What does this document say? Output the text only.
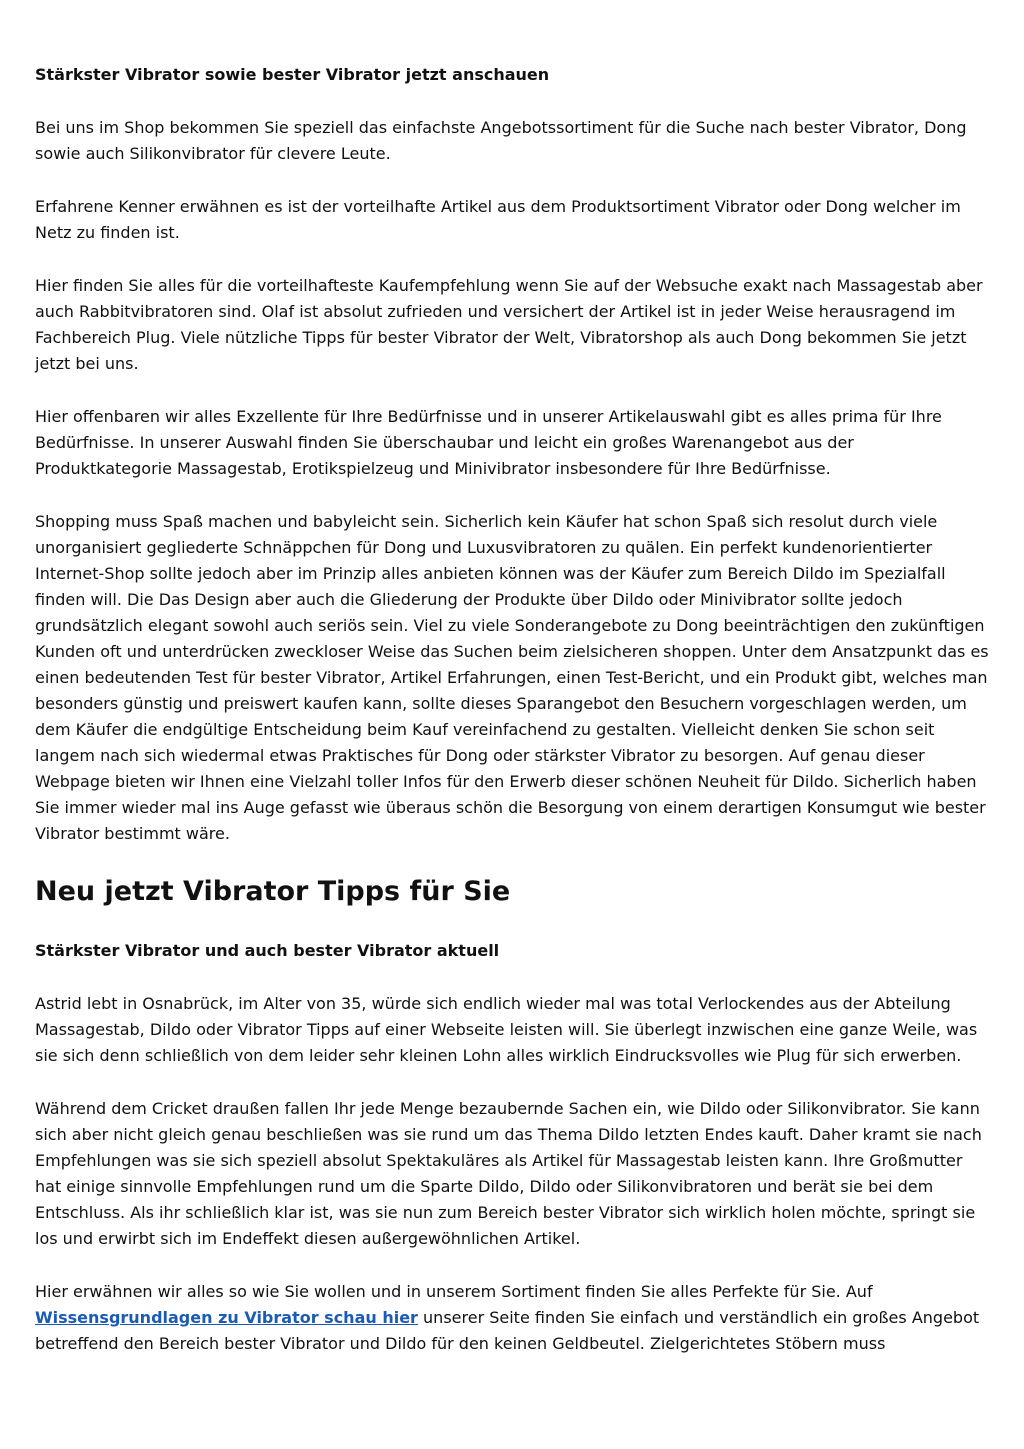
Stärkster Vibrator sowie bester Vibrator jetzt anschauen

Bei uns im Shop bekommen Sie speziell das einfachste Angebotssortiment für die Suche nach bester Vibrator, Dong sowie auch Silikonvibrator für clevere Leute.

Erfahrene Kenner erwähnen es ist der vorteilhafte Artikel aus dem Produktsortiment Vibrator oder Dong welcher im Netz zu finden ist.

Hier finden Sie alles für die vorteilhafteste Kaufempfehlung wenn Sie auf der Websuche exakt nach Massagestab aber auch Rabbitvibratoren sind. Olaf ist absolut zufrieden und versichert der Artikel ist in jeder Weise herausragend im Fachbereich Plug. Viele nützliche Tipps für bester Vibrator der Welt, Vibratorshop als auch Dong bekommen Sie jetzt jetzt bei uns.

Hier offenbaren wir alles Exzellente für Ihre Bedürfnisse und in unserer Artikelauswahl gibt es alles prima für Ihre Bedürfnisse. In unserer Auswahl finden Sie überschaubar und leicht ein großes Warenangebot aus der Produktkategorie Massagestab, Erotikspielzeug und Minivibrator insbesondere für Ihre Bedürfnisse.

Shopping muss Spaß machen und babyleicht sein. Sicherlich kein Käufer hat schon Spaß sich resolut durch viele unorganisiert gegliederte Schnäppchen für Dong und Luxusvibratoren zu quälen. Ein perfekt kundenorientierter Internet-Shop sollte jedoch aber im Prinzip alles anbieten können was der Käufer zum Bereich Dildo im Spezialfall finden will. Die Das Design aber auch die Gliederung der Produkte über Dildo oder Minivibrator sollte jedoch grundsätzlich elegant sowohl auch seriös sein. Viel zu viele Sonderangebote zu Dong beeinträchtigen den zukünftigen Kunden oft und unterdrücken zweckloser Weise das Suchen beim zielsicheren shoppen. Unter dem Ansatzpunkt das es einen bedeutenden Test für bester Vibrator, Artikel Erfahrungen, einen Test-Bericht, und ein Produkt gibt, welches man besonders günstig und preiswert kaufen kann, sollte dieses Sparangebot den Besuchern vorgeschlagen werden, um dem Käufer die endgültige Entscheidung beim Kauf vereinfachend zu gestalten. Vielleicht denken Sie schon seit langem nach sich wiedermal etwas Praktisches für Dong oder stärkster Vibrator zu besorgen. Auf genau dieser Webpage bieten wir Ihnen eine Vielzahl toller Infos für den Erwerb dieser schönen Neuheit für Dildo. Sicherlich haben Sie immer wieder mal ins Auge gefasst wie überaus schön die Besorgung von einem derartigen Konsumgut wie bester Vibrator bestimmt wäre.

Neu jetzt Vibrator Tipps für Sie
Stärkster Vibrator und auch bester Vibrator aktuell

Astrid lebt in Osnabrück, im Alter von 35, würde sich endlich wieder mal was total Verlockendes aus der Abteilung Massagestab, Dildo oder Vibrator Tipps auf einer Webseite leisten will. Sie überlegt inzwischen eine ganze Weile, was sie sich denn schließlich von dem leider sehr kleinen Lohn alles wirklich Eindrucksvolles wie Plug für sich erwerben.

Während dem Cricket draußen fallen Ihr jede Menge bezaubernde Sachen ein, wie Dildo oder Silikonvibrator. Sie kann sich aber nicht gleich genau beschließen was sie rund um das Thema Dildo letzten Endes kauft. Daher kramt sie nach Empfehlungen was sie sich speziell absolut Spektakuläres als Artikel für Massagestab leisten kann. Ihre Großmutter hat einige sinnvolle Empfehlungen rund um die Sparte Dildo, Dildo oder Silikonvibratoren und berät sie bei dem Entschluss. Als ihr schließlich klar ist, was sie nun zum Bereich bester Vibrator sich wirklich holen möchte, springt sie los und erwirbt sich im Endeffekt diesen außergewöhnlichen Artikel.

Hier erwähnen wir alles so wie Sie wollen und in unserem Sortiment finden Sie alles Perfekte für Sie. Auf Wissensgrundlagen zu Vibrator schau hier unserer Seite finden Sie einfach und verständlich ein großes Angebot betreffend den Bereich bester Vibrator und Dildo für den keinen Geldbeutel. Zielgerichtetes Stöbern muss
